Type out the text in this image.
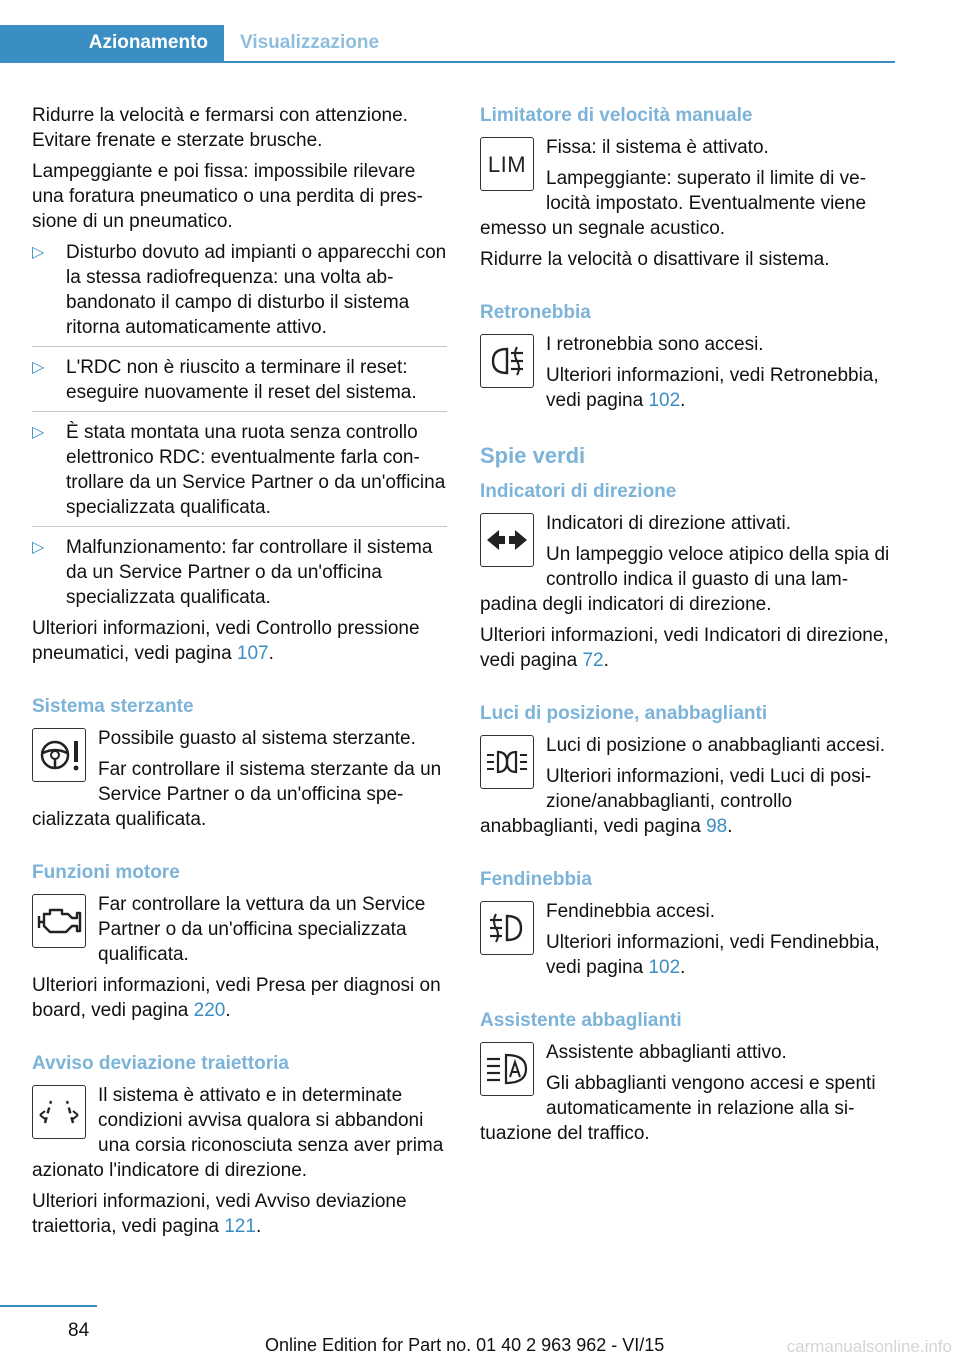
Azionamento	Visualizzazione

Ridurre la velocità e fermarsi con attenzione. Evitare frenate e sterzate brusche.

Lampeggiante e poi fissa: impossibile rilevare una foratura pneumatico o una perdita di pressione di un pneumatico.

▷ Disturbo dovuto ad impianti o apparecchi con la stessa radiofrequenza: una volta abbandonato il campo di disturbo il sistema ritorna automaticamente attivo.
▷ L'RDC non è riuscito a terminare il reset: eseguire nuovamente il reset del sistema.
▷ È stata montata una ruota senza controllo elettronico RDC: eventualmente farla controllare da un Service Partner o da un'officina specializzata qualificata.
▷ Malfunzionamento: far controllare il sistema da un Service Partner o da un'officina specializzata qualificata.

Ulteriori informazioni, vedi Controllo pressione pneumatici, vedi pagina 107.

Sistema sterzante

Possibile guasto al sistema sterzante.

Far controllare il sistema sterzante da un Service Partner o da un'officina specializzata qualificata.

Funzioni motore

Far controllare la vettura da un Service Partner o da un'officina specializzata qualificata.

Ulteriori informazioni, vedi Presa per diagnosi on board, vedi pagina 220.

Avviso deviazione traiettoria

Il sistema è attivato e in determinate condizioni avvisa qualora si abbandoni una corsia riconosciuta senza aver prima azionato l'indicatore di direzione.

Ulteriori informazioni, vedi Avviso deviazione traiettoria, vedi pagina 121.

Limitatore di velocità manuale
LIM

Fissa: il sistema è attivato.

Lampeggiante: superato il limite di velocità impostato. Eventualmente viene emesso un segnale acustico.

Ridurre la velocità o disattivare il sistema.

Retronebbia

I retronebbia sono accesi.

Ulteriori informazioni, vedi Retronebbia, vedi pagina 102.

Spie verdi
Indicatori di direzione

Indicatori di direzione attivati.

Un lampeggio veloce atipico della spia di controllo indica il guasto di una lampadina degli indicatori di direzione.

Ulteriori informazioni, vedi Indicatori di direzione, vedi pagina 72.

Luci di posizione, anabbaglianti

Luci di posizione o anabbaglianti accesi.

Ulteriori informazioni, vedi Luci di posizione/anabbaglianti, controllo anabbaglianti, vedi pagina 98.

Fendinebbia

Fendinebbia accesi.

Ulteriori informazioni, vedi Fendinebbia, vedi pagina 102.

Assistente abbaglianti

Assistente abbaglianti attivo.

Gli abbaglianti vengono accesi e spenti automaticamente in relazione alla situazione del traffico.

84
Online Edition for Part no. 01 40 2 963 962 - VI/15	carmanualsonline.info
